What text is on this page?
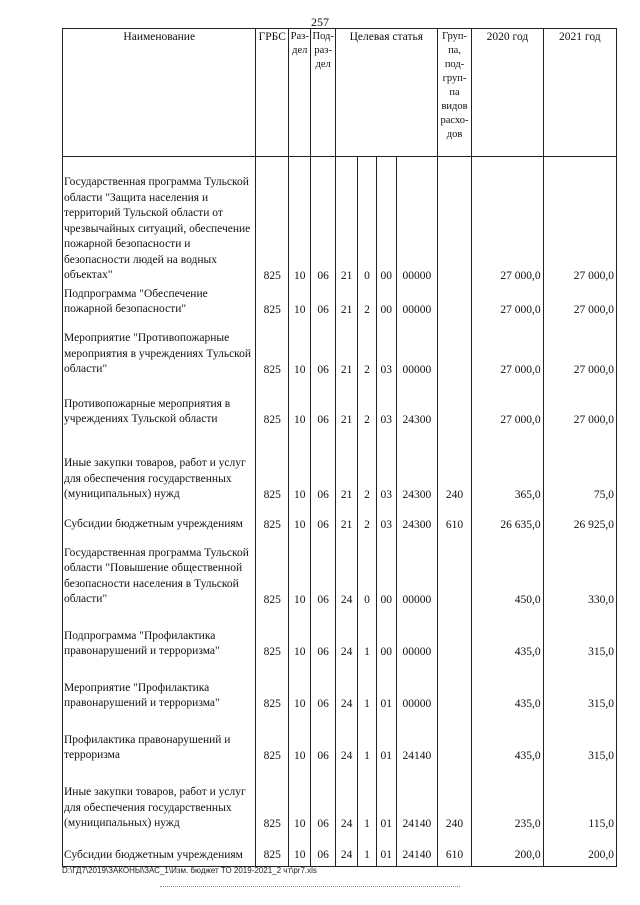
257
Наименование	ГРБС	Раз-дел	Под-раз-дел	Целевая статья				Груп-па, под-груп-па видов расхо-дов	2020 год	2021 год
Государственная программа Тульской области "Защита населения и территорий Тульской области от чрезвычайных ситуаций, обеспечение пожарной безопасности и безопасности людей на водных объектах"	825	10	06	21	0	00	00000		27 000,0	27 000,0
Подпрограмма "Обеспечение пожарной безопасности"	825	10	06	21	2	00	00000		27 000,0	27 000,0
Мероприятие "Противопожарные мероприятия в учреждениях Тульской области"	825	10	06	21	2	03	00000		27 000,0	27 000,0
Противопожарные мероприятия в учреждениях Тульской области	825	10	06	21	2	03	24300		27 000,0	27 000,0
Иные закупки товаров, работ и услуг для обеспечения государственных (муниципальных) нужд	825	10	06	21	2	03	24300	240	365,0	75,0
Субсидии бюджетным учреждениям	825	10	06	21	2	03	24300	610	26 635,0	26 925,0
Государственная программа Тульской области "Повышение общественной безопасности населения в Тульской области"	825	10	06	24	0	00	00000		450,0	330,0
Подпрограмма "Профилактика правонарушений и терроризма"	825	10	06	24	1	00	00000		435,0	315,0
Мероприятие "Профилактика правонарушений и терроризма"	825	10	06	24	1	01	00000		435,0	315,0
Профилактика правонарушений и терроризма	825	10	06	24	1	01	24140		435,0	315,0
Иные закупки товаров, работ и услуг для обеспечения государственных (муниципальных) нужд	825	10	06	24	1	01	24140	240	235,0	115,0
Субсидии бюджетным учреждениям	825	10	06	24	1	01	24140	610	200,0	200,0
D:\ГД7\2019\ЗАКОНЫ\ЗАС_1\Изм. бюджет ТО 2019-2021_2 чт\pr7.xls
